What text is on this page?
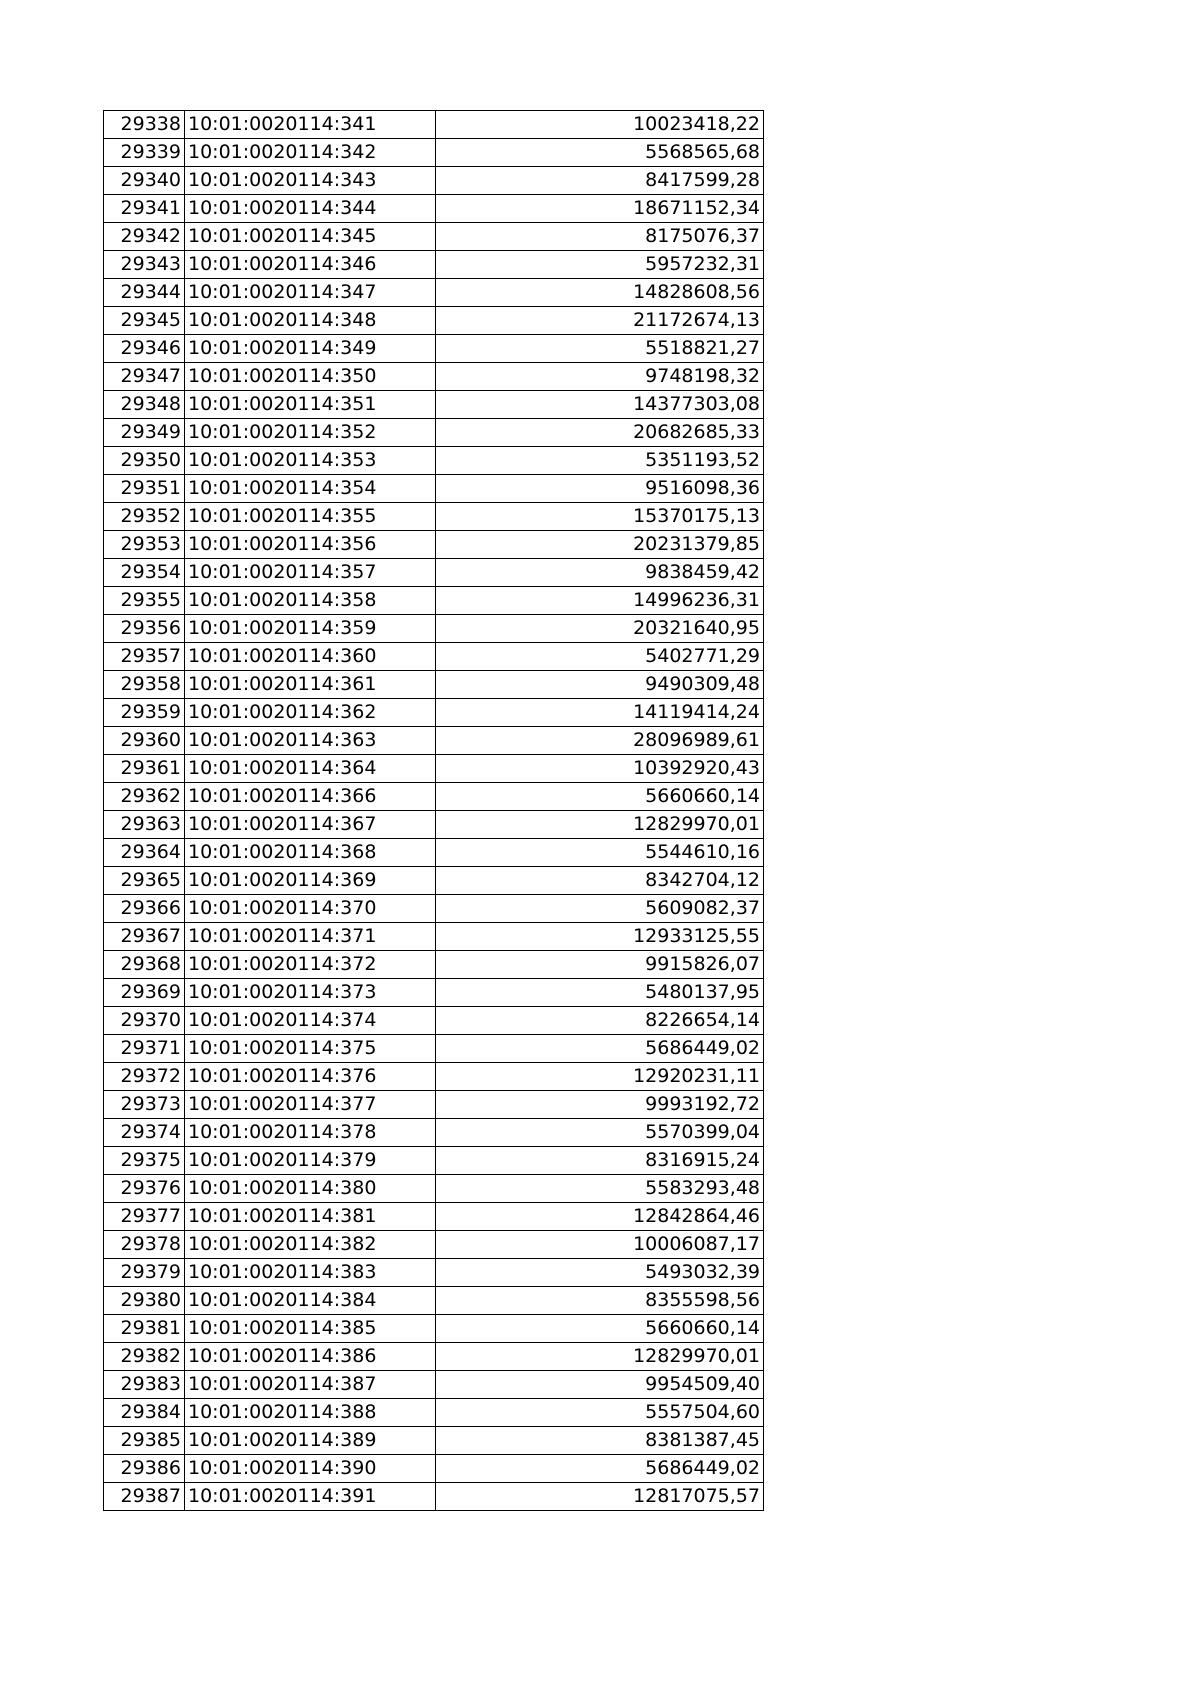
29338	10:01:0020114:341	10023418,22
29339	10:01:0020114:342	5568565,68
29340	10:01:0020114:343	8417599,28
29341	10:01:0020114:344	18671152,34
29342	10:01:0020114:345	8175076,37
29343	10:01:0020114:346	5957232,31
29344	10:01:0020114:347	14828608,56
29345	10:01:0020114:348	21172674,13
29346	10:01:0020114:349	5518821,27
29347	10:01:0020114:350	9748198,32
29348	10:01:0020114:351	14377303,08
29349	10:01:0020114:352	20682685,33
29350	10:01:0020114:353	5351193,52
29351	10:01:0020114:354	9516098,36
29352	10:01:0020114:355	15370175,13
29353	10:01:0020114:356	20231379,85
29354	10:01:0020114:357	9838459,42
29355	10:01:0020114:358	14996236,31
29356	10:01:0020114:359	20321640,95
29357	10:01:0020114:360	5402771,29
29358	10:01:0020114:361	9490309,48
29359	10:01:0020114:362	14119414,24
29360	10:01:0020114:363	28096989,61
29361	10:01:0020114:364	10392920,43
29362	10:01:0020114:366	5660660,14
29363	10:01:0020114:367	12829970,01
29364	10:01:0020114:368	5544610,16
29365	10:01:0020114:369	8342704,12
29366	10:01:0020114:370	5609082,37
29367	10:01:0020114:371	12933125,55
29368	10:01:0020114:372	9915826,07
29369	10:01:0020114:373	5480137,95
29370	10:01:0020114:374	8226654,14
29371	10:01:0020114:375	5686449,02
29372	10:01:0020114:376	12920231,11
29373	10:01:0020114:377	9993192,72
29374	10:01:0020114:378	5570399,04
29375	10:01:0020114:379	8316915,24
29376	10:01:0020114:380	5583293,48
29377	10:01:0020114:381	12842864,46
29378	10:01:0020114:382	10006087,17
29379	10:01:0020114:383	5493032,39
29380	10:01:0020114:384	8355598,56
29381	10:01:0020114:385	5660660,14
29382	10:01:0020114:386	12829970,01
29383	10:01:0020114:387	9954509,40
29384	10:01:0020114:388	5557504,60
29385	10:01:0020114:389	8381387,45
29386	10:01:0020114:390	5686449,02
29387	10:01:0020114:391	12817075,57
